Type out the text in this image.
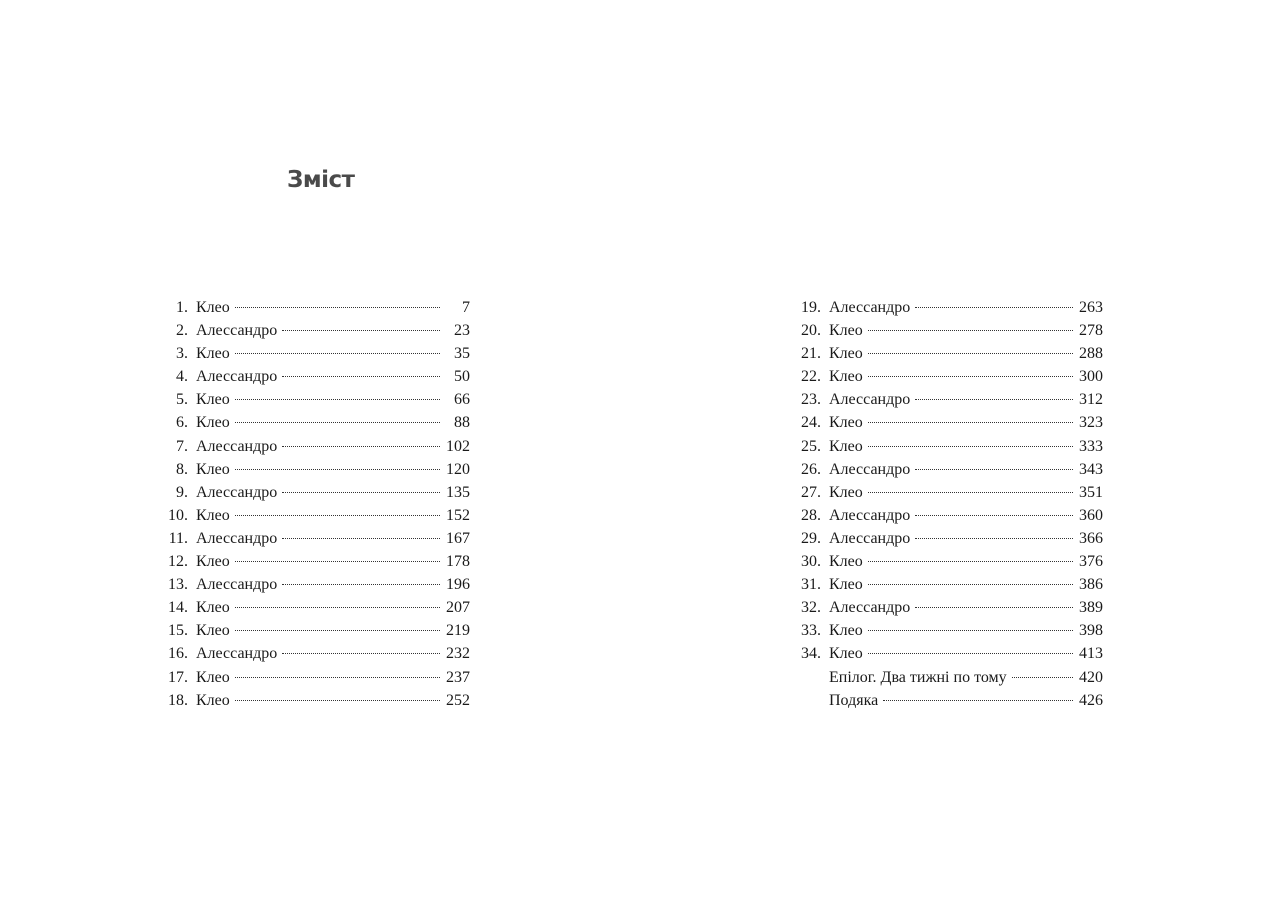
Зміст
1. Клео	7
2. Алессандро	23
3. Клео	35
4. Алессандро	50
5. Клео	66
6. Клео	88
7. Алессандро	102
8. Клео	120
9. Алессандро	135
10. Клео	152
11. Алессандро	167
12. Клео	178
13. Алессандро	196
14. Клео	207
15. Клео	219
16. Алессандро	232
17. Клео	237
18. Клео	252
19. Алессандро	263
20. Клео	278
21. Клео	288
22. Клео	300
23. Алессандро	312
24. Клео	323
25. Клео	333
26. Алессандро	343
27. Клео	351
28. Алессандро	360
29. Алессандро	366
30. Клео	376
31. Клео	386
32. Алессандро	389
33. Клео	398
34. Клео	413
Епілог. Два тижні по тому	420
Подяка	426
